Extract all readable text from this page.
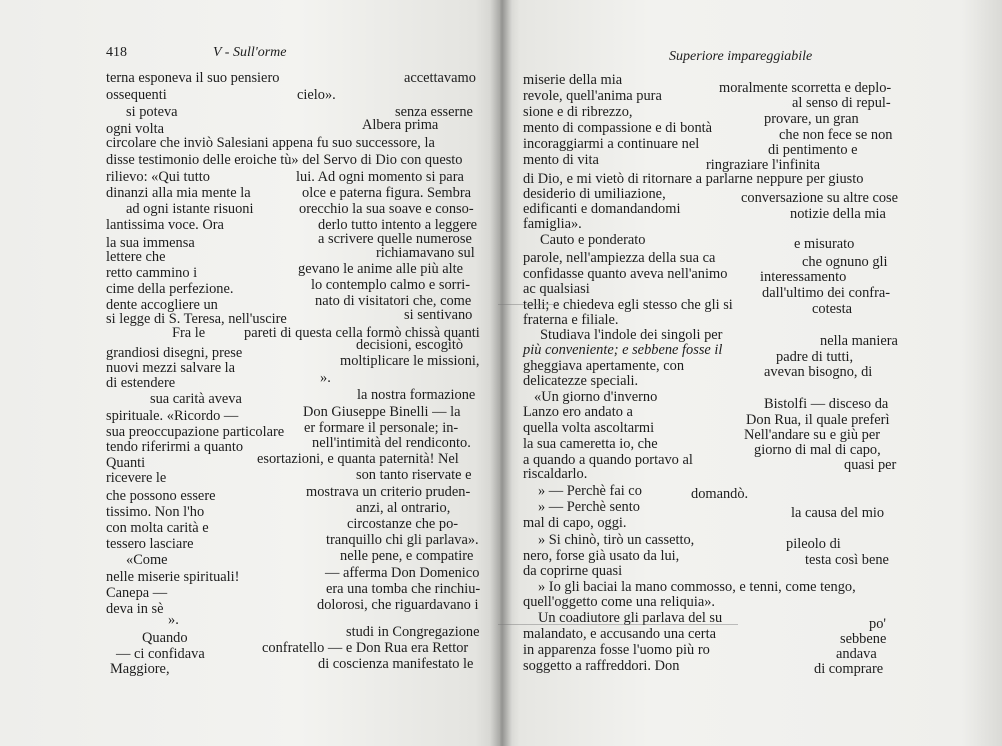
418	V - Sull'orme
terna esponeva il suo pensiero	accettavamo
ossequenti	cielo».
si poteva	senza esserne
ogni volta	Albera prima
circolare che inviò Salesiani appena fu suo successore, la
disse testimonio delle eroiche tù» del Servo di Dio con questo
rilievo: «Qui tutto	lui. Ad ogni momento si para
dinanzi alla mia mente la	olce e paterna figura. Sembra
ad ogni istante risuoni	orecchio la sua soave e conso-
lantissima voce. Ora	derlo tutto intento a leggere
la sua immensa	a scrivere quelle numerose
lettere che	richiamavano sul
retto cammino i	gevano le anime alle più alte
cime della perfezione.	lo contemplo calmo e sorri-
dente accogliere un	nato di visitatori che, come
si legge di S. Teresa, nell'uscire	si sentivano
Fra le	pareti di questa cella formò chissà quanti
grandiosi disegni, prese	decisioni, escogitò
nuovi mezzi salvare la	moltiplicare le missioni,
di estendere	».
sua carità aveva	la nostra formazione
spirituale. «Ricordo —	Don Giuseppe Binelli — la
sua preoccupazione particolare er formare il personale; in-
tendo riferirmi a quanto	nell'intimità del rendiconto.
Quanti	esortazioni, e quanta paternità! Nel
ricevere le	son tanto riservate e
che possono essere	mostrava un criterio pruden-
tissimo. Non l'ho	anzi, al ontrario,
con molta carità e	circostanze che po-
tessero lasciare	tranquillo chi gli parlava».
«Come	nelle pene, e compatire
nelle miserie spirituali!	— afferma Don Domenico
Canepa —	era una tomba che rinchiu-
deva in sè	dolorosi, che riguardavano i
».
Quando	studi in Congregazione
— ci confidava	confratello — e Don Rua era Rettor
Maggiore,	di coscienza manifestato le
Superiore impareggiabile
miserie della mia	moralmente scorretta e deplo-
revole, quell'anima pura	al senso di repul-
sione e di ribrezzo,	provare, un gran
mento di compassione e di bontà	che non fece se non
incoraggiarmi a continuare nel	di pentimento e
mento di vita	ringraziare l'infinita
di Dio, e mi vietò di ritornare a parlarne neppure per giusto
desiderio di umiliazione,	conversazione su altre cose
edificanti e domandandomi	notizie della mia
famiglia».
Cauto e ponderato	e misurato
parole, nell'ampiezza della sua ca	che ognuno gli
confidasse quanto aveva nell'animo interessamento
ac qualsiasi	dall'ultimo dei confra-
telli; e chiedeva egli stesso che gli si	cotesta
fraterna e filiale.
Studiava l'indole dei singoli per	nella maniera
più conveniente; e sebbene fosse il	padre di tutti,
gheggiava apertamente, con	avevan bisogno, di
delicatezze speciali.
«Un giorno d'inverno	Bistolfi — disceso da
Lanzo ero andato a	Don Rua, il quale preferì
quella volta ascoltarmi	Nell'andare su e giù per
la sua cameretta io, che	giorno di mal di capo,
a quando a quando portavo al	quasi per
riscaldarlo.
» — Perchè fai co	domandò.
» — Perchè sento	la causa del mio
mal di capo, oggi.
» Si chinò, tirò un cassetto,	pileolo di
nero, forse già usato da lui,	testa così bene
da coprirne quasi
» Io gli baciai la mano commosso, e tenni, come tengo,
quell'oggetto come una reliquia».
Un coadiutore gli parlava del su	po'
malandato, e accusando una certa	sebbene
in apparenza fosse l'uomo più ro	andava
soggetto a raffreddori. Don	di comprare
